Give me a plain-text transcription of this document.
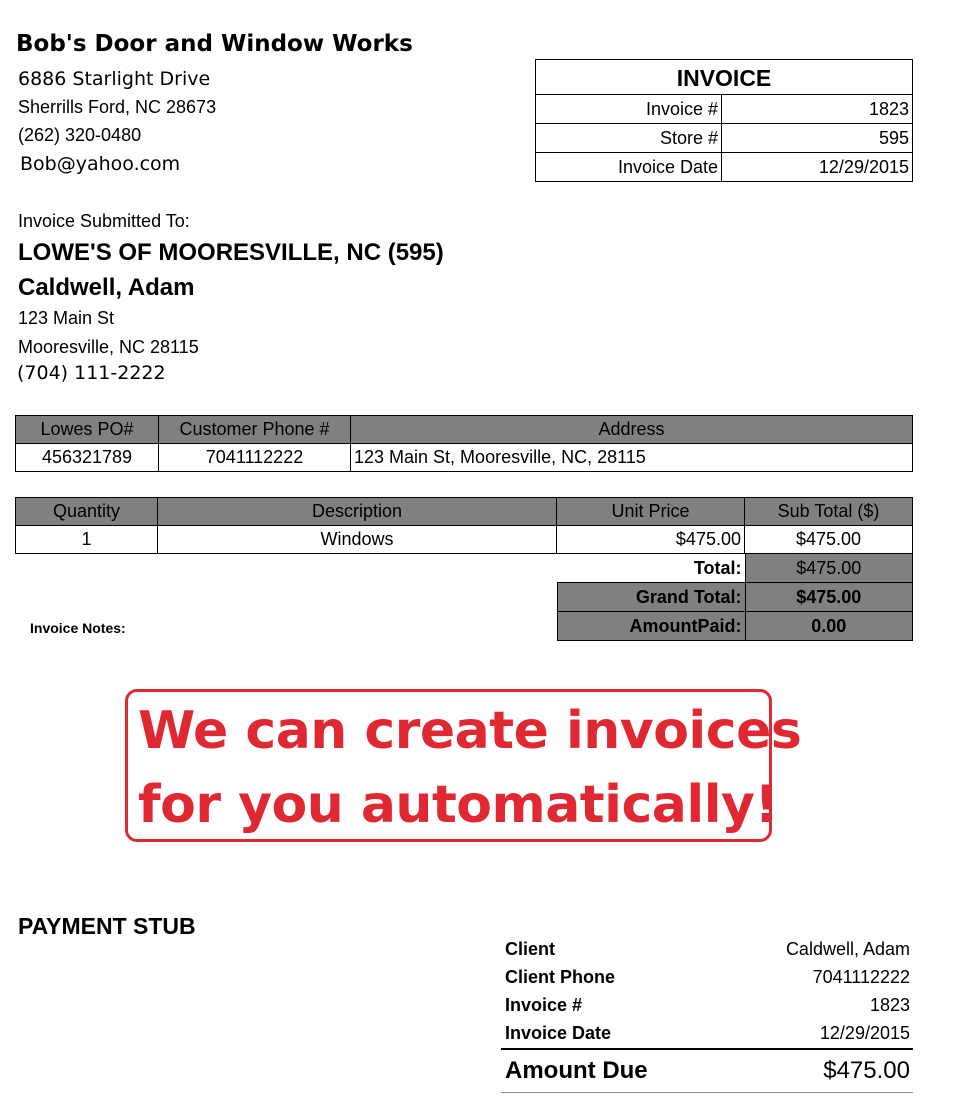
Bob's Door and Window Works
6886 Starlight Drive
Sherrills Ford, NC 28673
(262) 320-0480
Bob@yahoo.com
INVOICE
Invoice #	1823
Store #	595
Invoice Date	12/29/2015
Invoice Submitted To:
LOWE'S OF MOORESVILLE, NC (595)
Caldwell, Adam
123 Main St
Mooresville, NC 28115
(704) 111-2222
Lowes PO#	Customer Phone #	Address
456321789	7041112222	123 Main St, Mooresville, NC, 28115
Quantity	Description	Unit Price	Sub Total ($)
1	Windows	$475.00	$475.00
Total:	$475.00
Grand Total:	$475.00
AmountPaid:	0.00
Invoice Notes:
We can create invoices
for you automatically!
PAYMENT STUB
Client	Caldwell, Adam
Client Phone	7041112222
Invoice #	1823
Invoice Date	12/29/2015
Amount Due	$475.00
